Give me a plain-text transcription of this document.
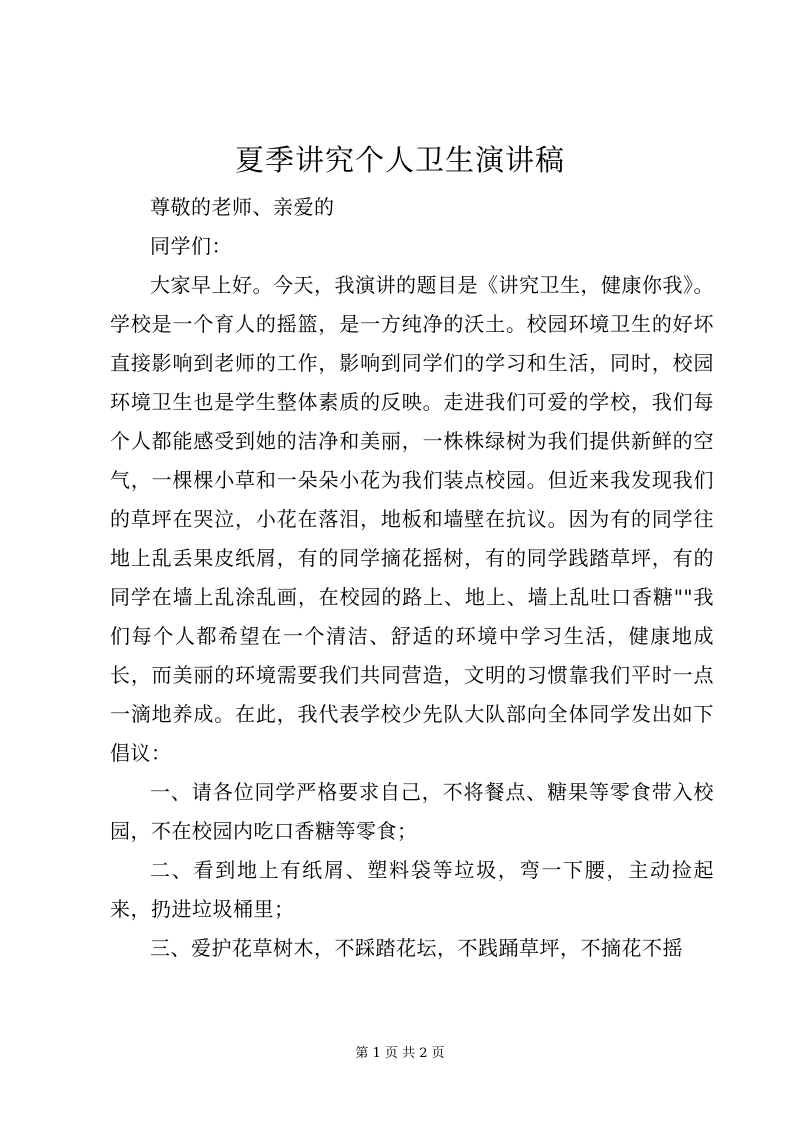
夏季讲究个人卫生演讲稿

尊敬的老师、亲爱的

同学们：

大家早上好。今天，我演讲的题目是《讲究卫生，健康你我》。学校是一个育人的摇篮，是一方纯净的沃土。校园环境卫生的好坏直接影响到老师的工作，影响到同学们的学习和生活，同时，校园环境卫生也是学生整体素质的反映。走进我们可爱的学校，我们每个人都能感受到她的洁净和美丽，一株株绿树为我们提供新鲜的空气，一棵棵小草和一朵朵小花为我们装点校园。但近来我发现我们的草坪在哭泣，小花在落泪，地板和墙壁在抗议。因为有的同学往地上乱丢果皮纸屑，有的同学摘花摇树，有的同学践踏草坪，有的同学在墙上乱涂乱画，在校园的路上、地上、墙上乱吐口香糖""我们每个人都希望在一个清洁、舒适的环境中学习生活，健康地成长，而美丽的环境需要我们共同营造，文明的习惯靠我们平时一点一滴地养成。在此，我代表学校少先队大队部向全体同学发出如下倡议：

一、请各位同学严格要求自己，不将餐点、糖果等零食带入校园，不在校园内吃口香糖等零食；

二、看到地上有纸屑、塑料袋等垃圾，弯一下腰，主动捡起来，扔进垃圾桶里；

三、爱护花草树木，不踩踏花坛，不践踊草坪，不摘花不摇

第 1 页 共 2 页
